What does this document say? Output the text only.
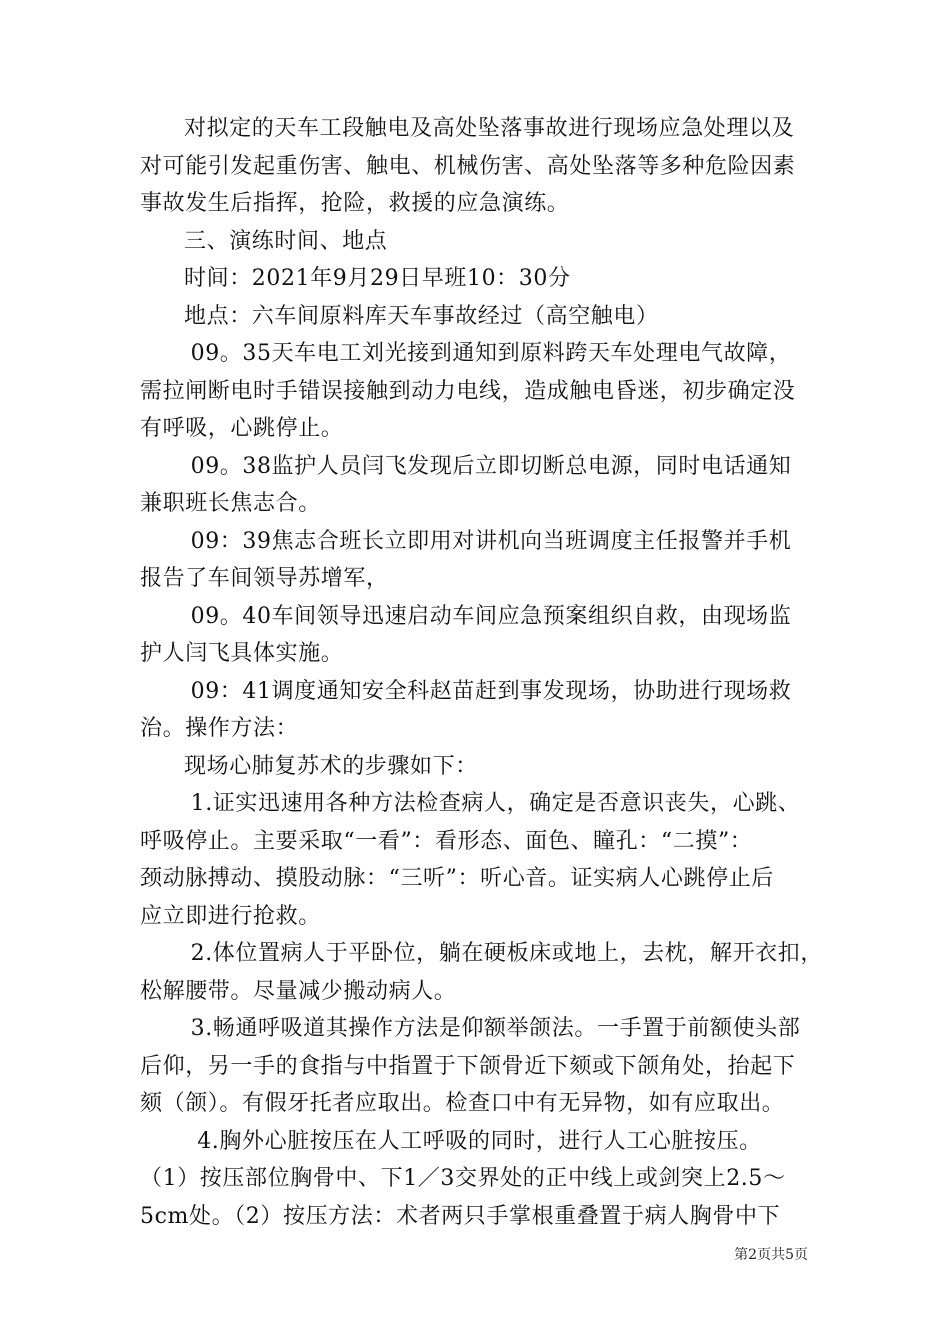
对拟定的天车工段触电及高处坠落事故进行现场应急处理以及
对可能引发起重伤害、触电、机械伤害、高处坠落等多种危险因素
事故发生后指挥，抢险，救援的应急演练。
三、演练时间、地点
时间：2021年9月29日早班10：30分
地点：六车间原料库天车事故经过（高空触电）
09。35天车电工刘光接到通知到原料跨天车处理电气故障，
需拉闸断电时手错误接触到动力电线，造成触电昏迷，初步确定没
有呼吸，心跳停止。
09。38监护人员闫飞发现后立即切断总电源，同时电话通知
兼职班长焦志合。
09：39焦志合班长立即用对讲机向当班调度主任报警并手机
报告了车间领导苏增军，
09。40车间领导迅速启动车间应急预案组织自救，由现场监
护人闫飞具体实施。
09：41调度通知安全科赵苗赶到事发现场，协助进行现场救
治。操作方法：
现场心肺复苏术的步骤如下：
1.证实迅速用各种方法检查病人，确定是否意识丧失，心跳、
呼吸停止。主要采取“一看”：看形态、面色、瞳孔：“二摸”：
颈动脉搏动、摸股动脉：“三听”：听心音。证实病人心跳停止后
应立即进行抢救。
2.体位置病人于平卧位，躺在硬板床或地上，去枕，解开衣扣，
松解腰带。尽量减少搬动病人。
3.畅通呼吸道其操作方法是仰额举颌法。一手置于前额使头部
后仰，另一手的食指与中指置于下颌骨近下颏或下颌角处，抬起下
颏（颌）。有假牙托者应取出。检查口中有无异物，如有应取出。
4.胸外心脏按压在人工呼吸的同时，进行人工心脏按压。
（1）按压部位胸骨中、下1／3交界处的正中线上或剑突上2.5～
5cm处。（2）按压方法：术者两只手掌根重叠置于病人胸骨中下
第2页共5页
